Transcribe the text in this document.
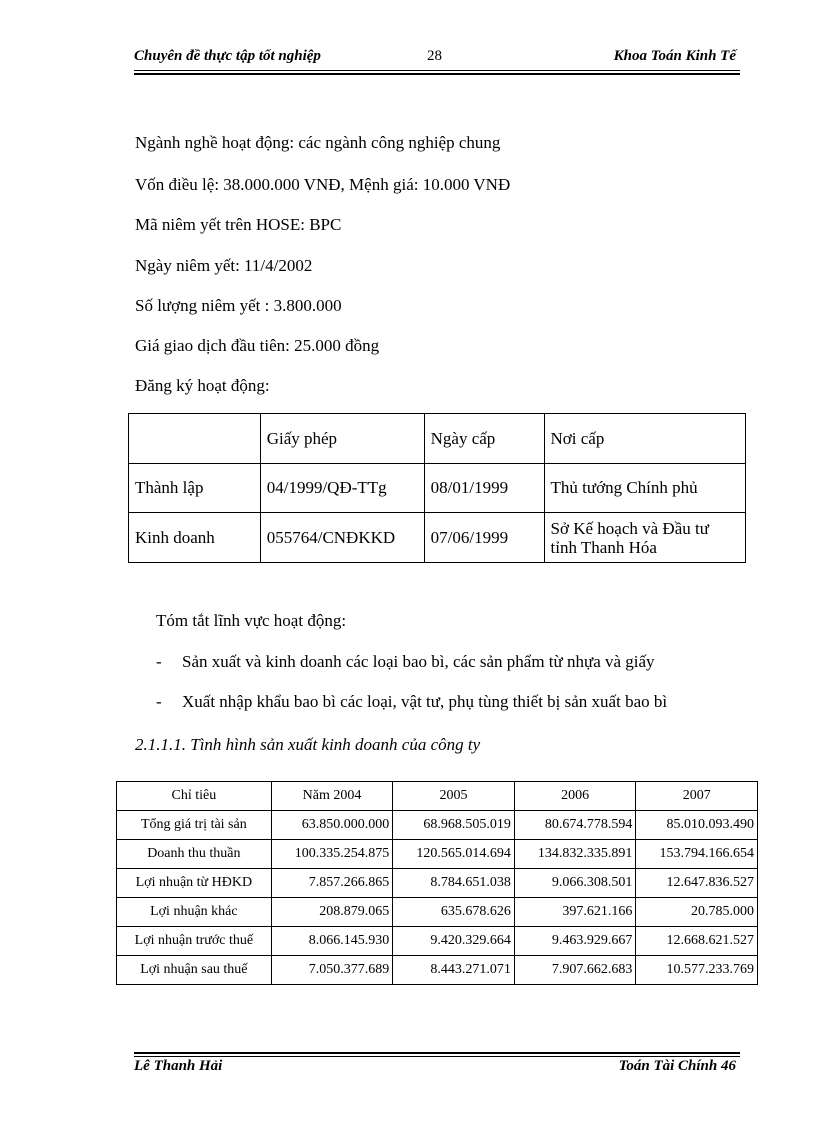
Chuyên đề thực tập tốt nghiệp	28	Khoa Toán Kinh Tế
Ngành nghề hoạt động: các ngành công nghiệp chung
Vốn điều lệ: 38.000.000 VNĐ, Mệnh giá: 10.000 VNĐ
Mã niêm yết trên HOSE: BPC
Ngày niêm yết: 11/4/2002
Số lượng niêm yết : 3.800.000
Giá giao dịch đầu tiên: 25.000 đồng
Đăng ký hoạt động:
	Giấy phép	Ngày cấp	Nơi cấp
Thành lập	04/1999/QĐ-TTg	08/01/1999	Thủ tướng Chính phủ
Kinh doanh	055764/CNĐKKD	07/06/1999	Sở Kế hoạch và Đầu tư tỉnh Thanh Hóa
Tóm tắt lĩnh vực hoạt động:
- Sản xuất và kinh doanh các loại bao bì, các sản phẩm từ nhựa và giấy
- Xuất nhập khẩu bao bì các loại, vật tư, phụ tùng thiết bị sản xuất bao bì
2.1.1.1. Tình hình sản xuất kinh doanh của công ty
Chỉ tiêu	Năm 2004	2005	2006	2007
Tổng giá trị tài sản	63.850.000.000	68.968.505.019	80.674.778.594	85.010.093.490
Doanh thu thuần	100.335.254.875	120.565.014.694	134.832.335.891	153.794.166.654
Lợi nhuận từ HĐKD	7.857.266.865	8.784.651.038	9.066.308.501	12.647.836.527
Lợi nhuận khác	208.879.065	635.678.626	397.621.166	20.785.000
Lợi nhuận trước thuế	8.066.145.930	9.420.329.664	9.463.929.667	12.668.621.527
Lợi nhuận sau thuế	7.050.377.689	8.443.271.071	7.907.662.683	10.577.233.769
Lê Thanh Hải	Toán Tài Chính 46
